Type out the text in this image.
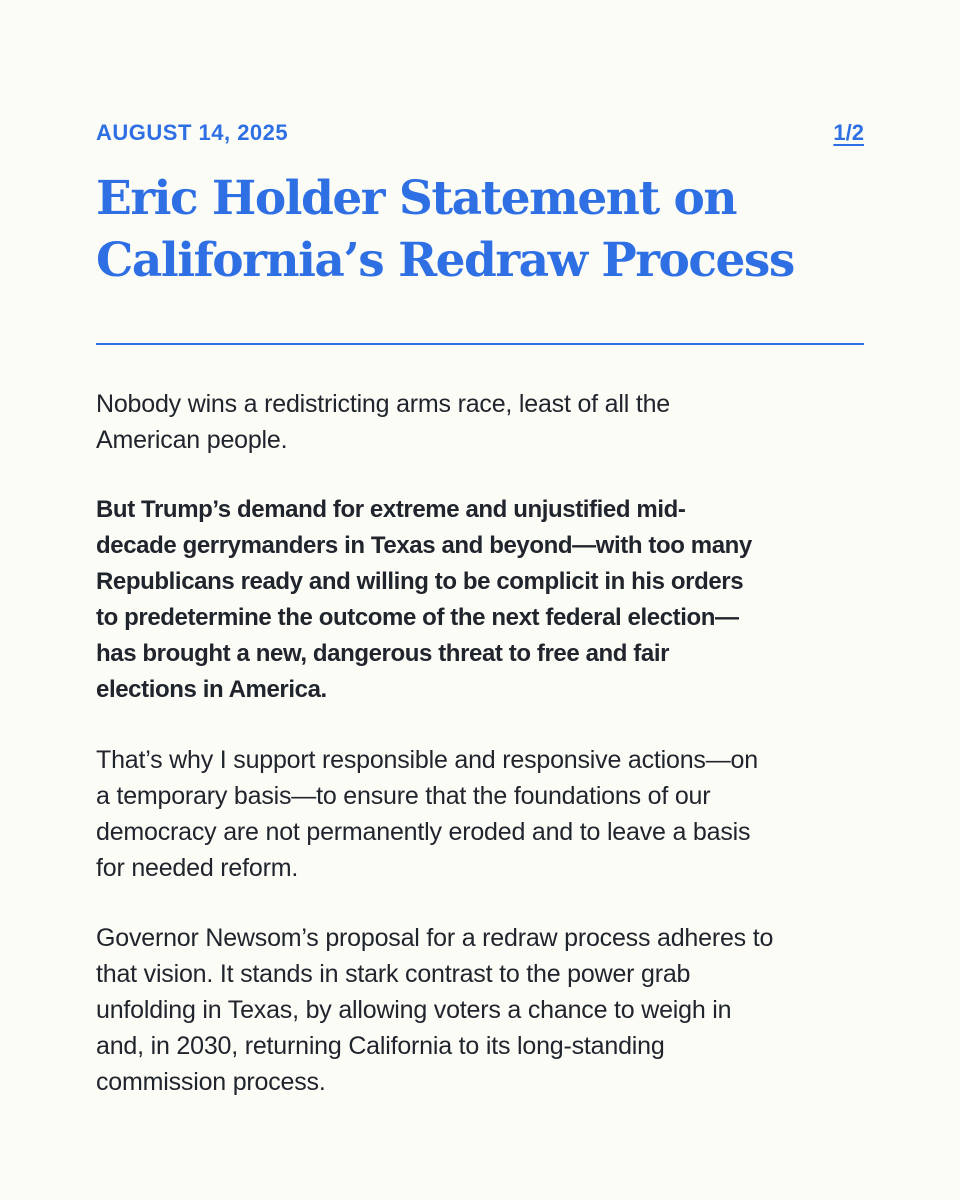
AUGUST 14, 2025	1/2
Eric Holder Statement on
California’s Redraw Process

Nobody wins a redistricting arms race, least of all the
American people.

But Trump’s demand for extreme and unjustified mid-
decade gerrymanders in Texas and beyond—with too many
Republicans ready and willing to be complicit in his orders
to predetermine the outcome of the next federal election—
has brought a new, dangerous threat to free and fair
elections in America.

That’s why I support responsible and responsive actions—on
a temporary basis—to ensure that the foundations of our
democracy are not permanently eroded and to leave a basis
for needed reform.

Governor Newsom’s proposal for a redraw process adheres to
that vision. It stands in stark contrast to the power grab
unfolding in Texas, by allowing voters a chance to weigh in
and, in 2030, returning California to its long-standing
commission process.
